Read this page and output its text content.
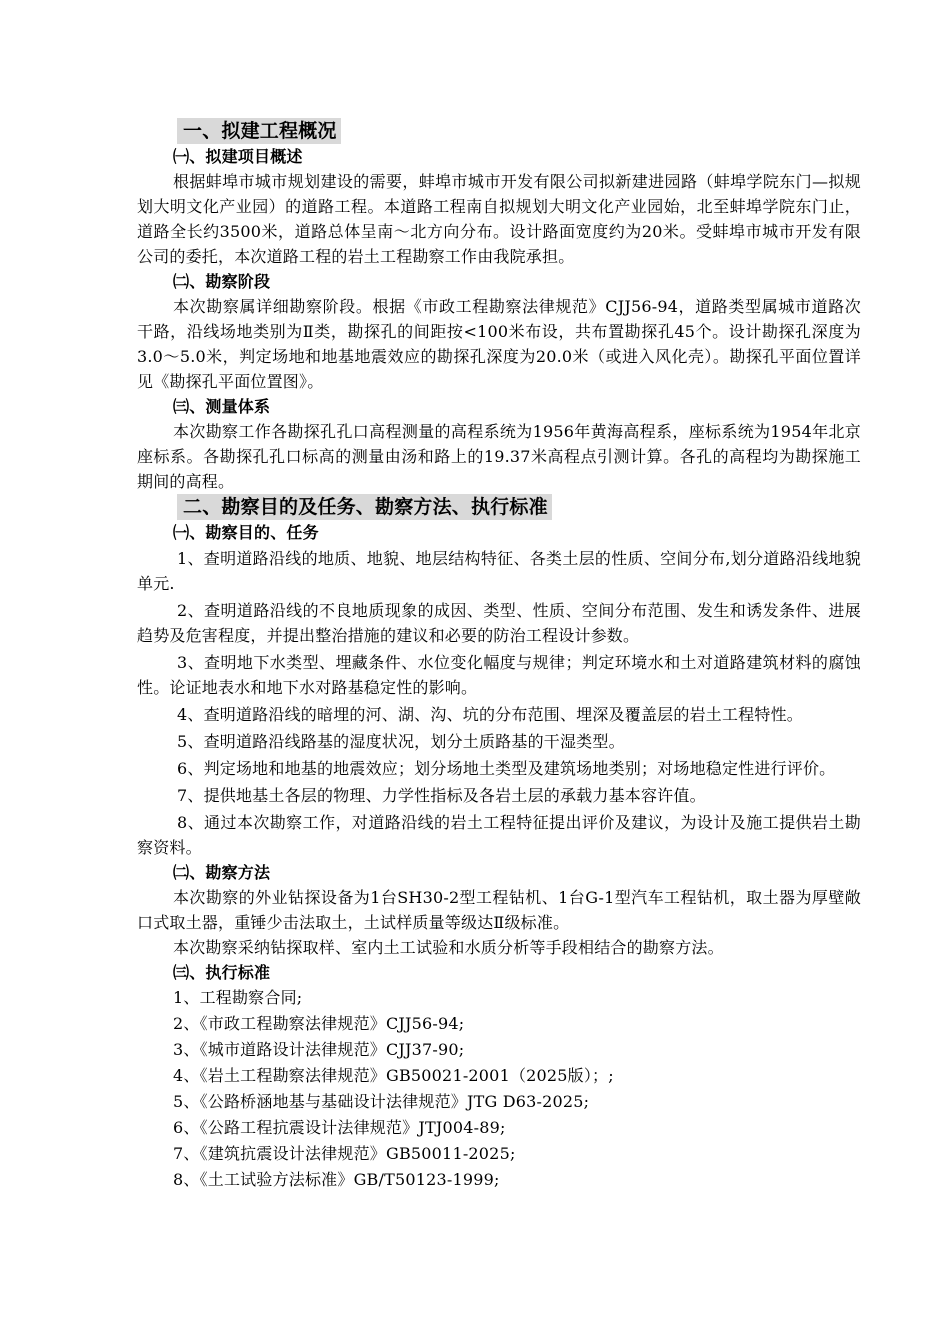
一、拟建工程概况
㈠、拟建项目概述

根据蚌埠市城市规划建设的需要，蚌埠市城市开发有限公司拟新建进园路（蚌埠学院东门—拟规划大明文化产业园）的道路工程。本道路工程南自拟规划大明文化产业园始，北至蚌埠学院东门止，道路全长约3500米，道路总体呈南～北方向分布。设计路面宽度约为20米。受蚌埠市城市开发有限公司的委托，本次道路工程的岩土工程勘察工作由我院承担。

㈡、勘察阶段

本次勘察属详细勘察阶段。根据《市政工程勘察法律规范》CJJ56-94，道路类型属城市道路次干路，沿线场地类别为Ⅱ类，勘探孔的间距按<100米布设，共布置勘探孔45个。设计勘探孔深度为3.0～5.0米，判定场地和地基地震效应的勘探孔深度为20.0米（或进入风化壳）。勘探孔平面位置详见《勘探孔平面位置图》。

㈢、测量体系

本次勘察工作各勘探孔孔口高程测量的高程系统为1956年黄海高程系，座标系统为1954年北京座标系。各勘探孔孔口标高的测量由汤和路上的19.37米高程点引测计算。各孔的高程均为勘探施工期间的高程。

二、勘察目的及任务、勘察方法、执行标准
㈠、勘察目的、任务

1、查明道路沿线的地质、地貌、地层结构特征、各类土层的性质、空间分布,划分道路沿线地貌单元.

2、查明道路沿线的不良地质现象的成因、类型、性质、空间分布范围、发生和诱发条件、进展趋势及危害程度，并提出整治措施的建议和必要的防治工程设计参数。

3、查明地下水类型、埋藏条件、水位变化幅度与规律；判定环境水和土对道路建筑材料的腐蚀性。论证地表水和地下水对路基稳定性的影响。

4、查明道路沿线的暗埋的河、湖、沟、坑的分布范围、埋深及覆盖层的岩土工程特性。

5、查明道路沿线路基的湿度状况，划分土质路基的干湿类型。

6、判定场地和地基的地震效应；划分场地土类型及建筑场地类别；对场地稳定性进行评价。

7、提供地基土各层的物理、力学性指标及各岩土层的承载力基本容许值。

8、通过本次勘察工作，对道路沿线的岩土工程特征提出评价及建议，为设计及施工提供岩土勘察资料。

㈡、勘察方法

本次勘察的外业钻探设备为1台SH30-2型工程钻机、1台G-1型汽车工程钻机，取土器为厚壁敞口式取土器，重锤少击法取土，土试样质量等级达Ⅱ级标准。

本次勘察采纳钻探取样、室内土工试验和水质分析等手段相结合的勘察方法。

㈢、执行标准
1、工程勘察合同;
2、《市政工程勘察法律规范》CJJ56-94;
3、《城市道路设计法律规范》CJJ37-90;
4、《岩土工程勘察法律规范》GB50021-2001（2025版）；;
5、《公路桥涵地基与基础设计法律规范》JTG D63-2025;
6、《公路工程抗震设计法律规范》JTJ004-89;
7、《建筑抗震设计法律规范》GB50011-2025;
8、《土工试验方法标准》GB/T50123-1999;
